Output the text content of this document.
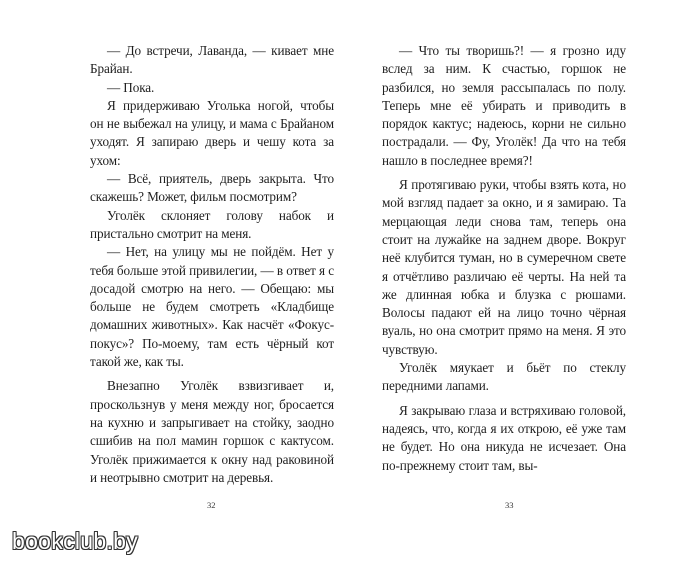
— До встречи, Лаванда, — кивает мне Брайан.

— Пока.

Я придерживаю Уголька ногой, чтобы он не выбежал на улицу, и мама с Брайаном уходят. Я запираю дверь и чешу кота за ухом:

— Всё, приятель, дверь закрыта. Что скажешь? Может, фильм посмотрим?

Уголёк склоняет голову набок и пристально смотрит на меня.

— Нет, на улицу мы не пойдём. Нет у тебя больше этой привилегии, — в ответ я с досадой смотрю на него. — Обещаю: мы больше не будем смотреть «Кладбище домашних животных». Как насчёт «Фокус-покус»? По-моему, там есть чёрный кот такой же, как ты.

Внезапно Уголёк взвизгивает и, проскользнув у меня между ног, бросается на кухню и запрыгивает на стойку, заодно сшибив на пол мамин горшок с кактусом. Уголёк прижимается к окну над раковиной и неотрывно смотрит на деревья.

32

— Что ты творишь?! — я грозно иду вслед за ним. К счастью, горшок не разбился, но земля рассыпалась по полу. Теперь мне её убирать и приводить в порядок кактус; надеюсь, корни не сильно пострадали. — Фу, Уголёк! Да что на тебя нашло в последнее время?!

Я протягиваю руки, чтобы взять кота, но мой взгляд падает за окно, и я замираю. Та мерцающая леди снова там, теперь она стоит на лужайке на заднем дворе. Вокруг неё клубится туман, но в сумеречном свете я отчётливо различаю её черты. На ней та же длинная юбка и блузка с рюшами. Волосы падают ей на лицо точно чёрная вуаль, но она смотрит прямо на меня. Я это чувствую.

Уголёк мяукает и бьёт по стеклу передними лапами.

Я закрываю глаза и встряхиваю головой, надеясь, что, когда я их открою, её уже там не будет. Но она никуда не исчезает. Она по-прежнему стоит там, вы-

33
bookclub.by
